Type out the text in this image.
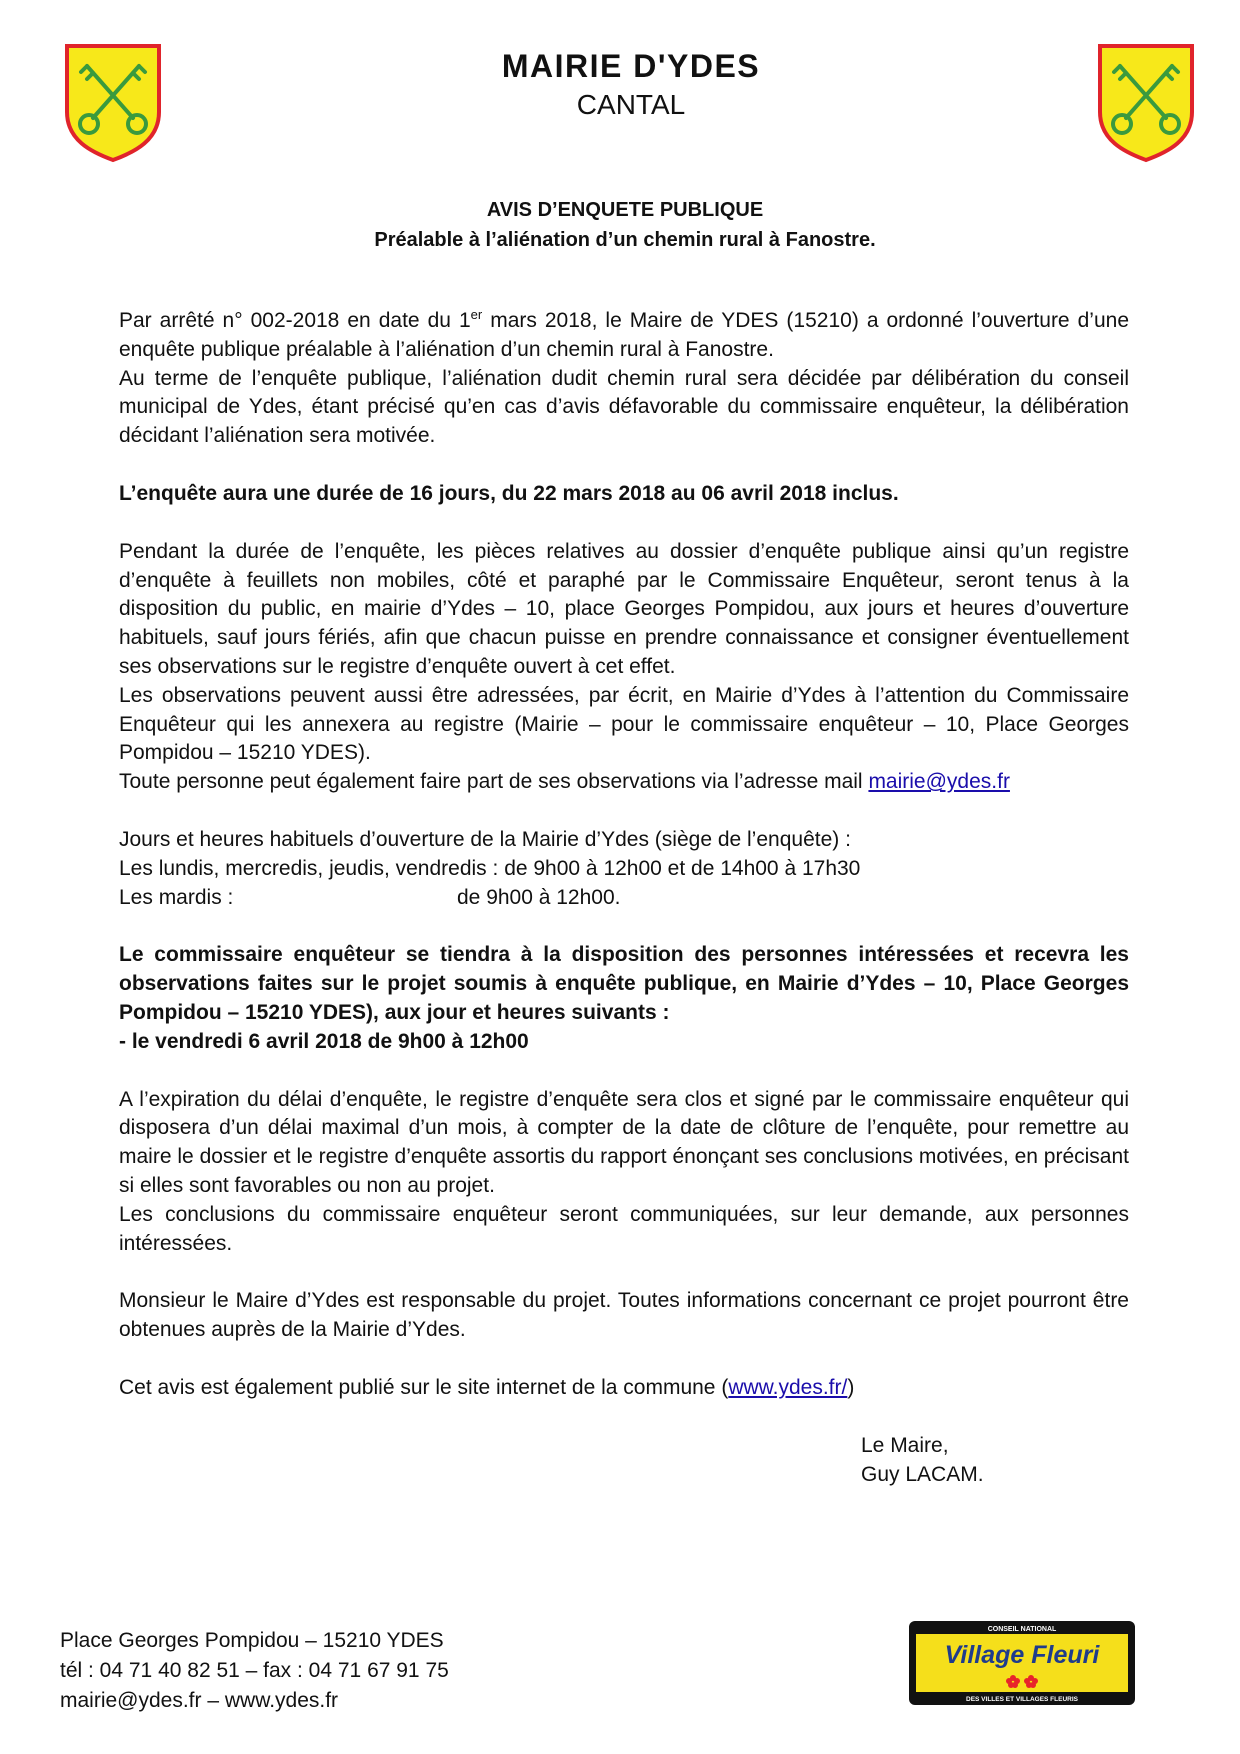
MAIRIE D'YDES
CANTAL
AVIS D’ENQUETE PUBLIQUE
Préalable à l’aliénation d’un chemin rural à Fanostre.

Par arrêté n° 002-2018 en date du 1er mars 2018, le Maire de YDES (15210) a ordonné l’ouverture d’une enquête publique préalable à l’aliénation d’un chemin rural à Fanostre.

Au terme de l’enquête publique, l’aliénation dudit chemin rural sera décidée par délibération du conseil municipal de Ydes, étant précisé qu’en cas d’avis défavorable du commissaire enquêteur, la délibération décidant l’aliénation sera motivée.

L’enquête aura une durée de 16 jours, du 22 mars 2018 au 06 avril 2018 inclus.

Pendant la durée de l’enquête, les pièces relatives au dossier d’enquête publique ainsi qu’un registre d’enquête à feuillets non mobiles, côté et paraphé par le Commissaire Enquêteur, seront tenus à la disposition du public, en mairie d’Ydes – 10, place Georges Pompidou, aux jours et heures d’ouverture habituels, sauf jours fériés, afin que chacun puisse en prendre connaissance et consigner éventuellement ses observations sur le registre d’enquête ouvert à cet effet.

Les observations peuvent aussi être adressées, par écrit, en Mairie d’Ydes à l’attention du Commissaire Enquêteur qui les annexera au registre (Mairie – pour le commissaire enquêteur – 10, Place Georges Pompidou – 15210 YDES).

Toute personne peut également faire part de ses observations via l’adresse mail mairie@ydes.fr

Jours et heures habituels d’ouverture de la Mairie d’Ydes (siège de l’enquête) :

Les lundis, mercredis, jeudis, vendredis : de 9h00 à 12h00 et de 14h00 à 17h30

Les mardis :	de 9h00 à 12h00.

Le commissaire enquêteur se tiendra à la disposition des personnes intéressées et recevra les observations faites sur le projet soumis à enquête publique, en Mairie d’Ydes – 10, Place Georges Pompidou – 15210 YDES), aux jour et heures suivants :

- le vendredi 6 avril 2018 de 9h00 à 12h00

A l’expiration du délai d’enquête, le registre d’enquête sera clos et signé par le commissaire enquêteur qui disposera d’un délai maximal d’un mois, à compter de la date de clôture de l’enquête, pour remettre au maire le dossier et le registre d’enquête assortis du rapport énonçant ses conclusions motivées, en précisant si elles sont favorables ou non au projet.

Les conclusions du commissaire enquêteur seront communiquées, sur leur demande, aux personnes intéressées.

Monsieur le Maire d’Ydes est responsable du projet. Toutes informations concernant ce projet pourront être obtenues auprès de la Mairie d’Ydes.

Cet avis est également publié sur le site internet de la commune (www.ydes.fr/)

Le Maire,
Guy LACAM.
Place Georges Pompidou – 15210 YDES
tél : 04 71 40 82 51 – fax : 04 71 67 91 75
mairie@ydes.fr – www.ydes.fr
CONSEIL NATIONAL
Village Fleuri
DES VILLES ET VILLAGES FLEURIS
